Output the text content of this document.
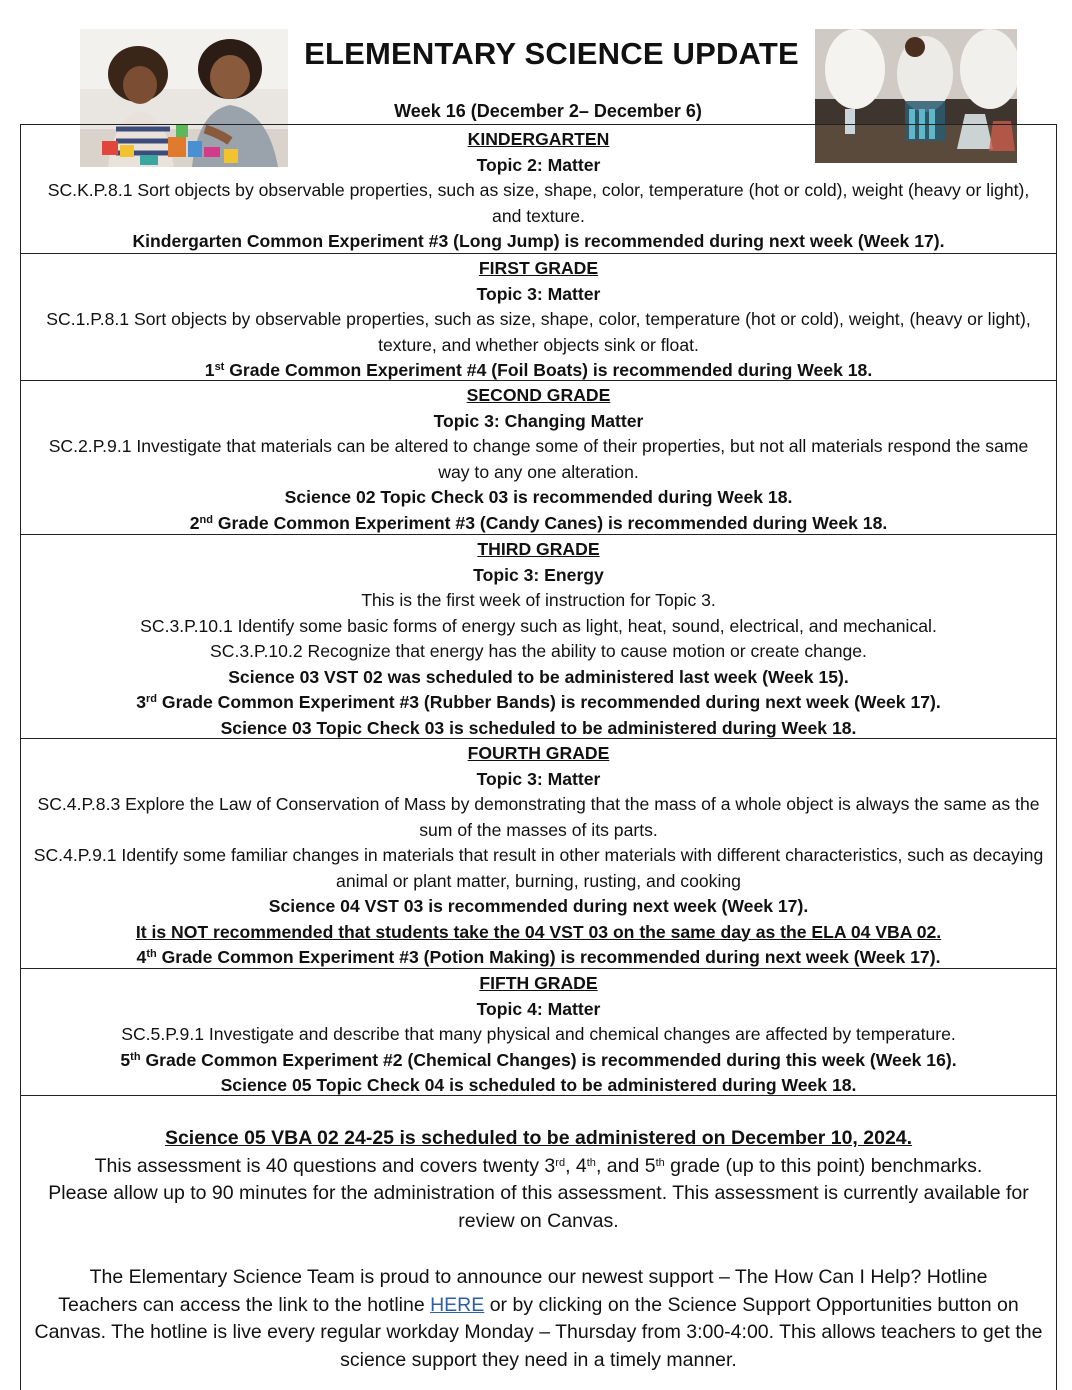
ELEMENTARY SCIENCE UPDATE
Week 16 (December 2– December 6)

KINDERGARTEN

Topic 2: Matter

SC.K.P.8.1 Sort objects by observable properties, such as size, shape, color, temperature (hot or cold), weight (heavy or light), and texture.

Kindergarten Common Experiment #3 (Long Jump) is recommended during next week (Week 17).

FIRST GRADE

Topic 3: Matter

SC.1.P.8.1 Sort objects by observable properties, such as size, shape, color, temperature (hot or cold), weight, (heavy or light), texture, and whether objects sink or float.

1st Grade Common Experiment #4 (Foil Boats) is recommended during Week 18.

SECOND GRADE

Topic 3: Changing Matter

SC.2.P.9.1 Investigate that materials can be altered to change some of their properties, but not all materials respond the same way to any one alteration.

Science 02 Topic Check 03 is recommended during Week 18.

2nd Grade Common Experiment #3 (Candy Canes) is recommended during Week 18.

THIRD GRADE

Topic 3: Energy

This is the first week of instruction for Topic 3.

SC.3.P.10.1 Identify some basic forms of energy such as light, heat, sound, electrical, and mechanical.

SC.3.P.10.2 Recognize that energy has the ability to cause motion or create change.

Science 03 VST 02 was scheduled to be administered last week (Week 15).

3rd Grade Common Experiment #3 (Rubber Bands) is recommended during next week (Week 17).

Science 03 Topic Check 03 is scheduled to be administered during Week 18.

FOURTH GRADE

Topic 3: Matter

SC.4.P.8.3 Explore the Law of Conservation of Mass by demonstrating that the mass of a whole object is always the same as the sum of the masses of its parts.

SC.4.P.9.1 Identify some familiar changes in materials that result in other materials with different characteristics, such as decaying animal or plant matter, burning, rusting, and cooking

Science 04 VST 03 is recommended during next week (Week 17).

It is NOT recommended that students take the 04 VST 03 on the same day as the ELA 04 VBA 02.

4th Grade Common Experiment #3 (Potion Making) is recommended during next week (Week 17).

FIFTH GRADE

Topic 4: Matter

SC.5.P.9.1 Investigate and describe that many physical and chemical changes are affected by temperature.

5th Grade Common Experiment #2 (Chemical Changes) is recommended during this week (Week 16).

Science 05 Topic Check 04 is scheduled to be administered during Week 18.

Science 05 VBA 02 24-25 is scheduled to be administered on December 10, 2024.

This assessment is 40 questions and covers twenty 3rd, 4th, and 5th grade (up to this point) benchmarks.

Please allow up to 90 minutes for the administration of this assessment. This assessment is currently available for review on Canvas.

The Elementary Science Team is proud to announce our newest support – The How Can I Help? Hotline

Teachers can access the link to the hotline HERE or by clicking on the Science Support Opportunities button on Canvas. The hotline is live every regular workday Monday – Thursday from 3:00-4:00. This allows teachers to get the science support they need in a timely manner.
